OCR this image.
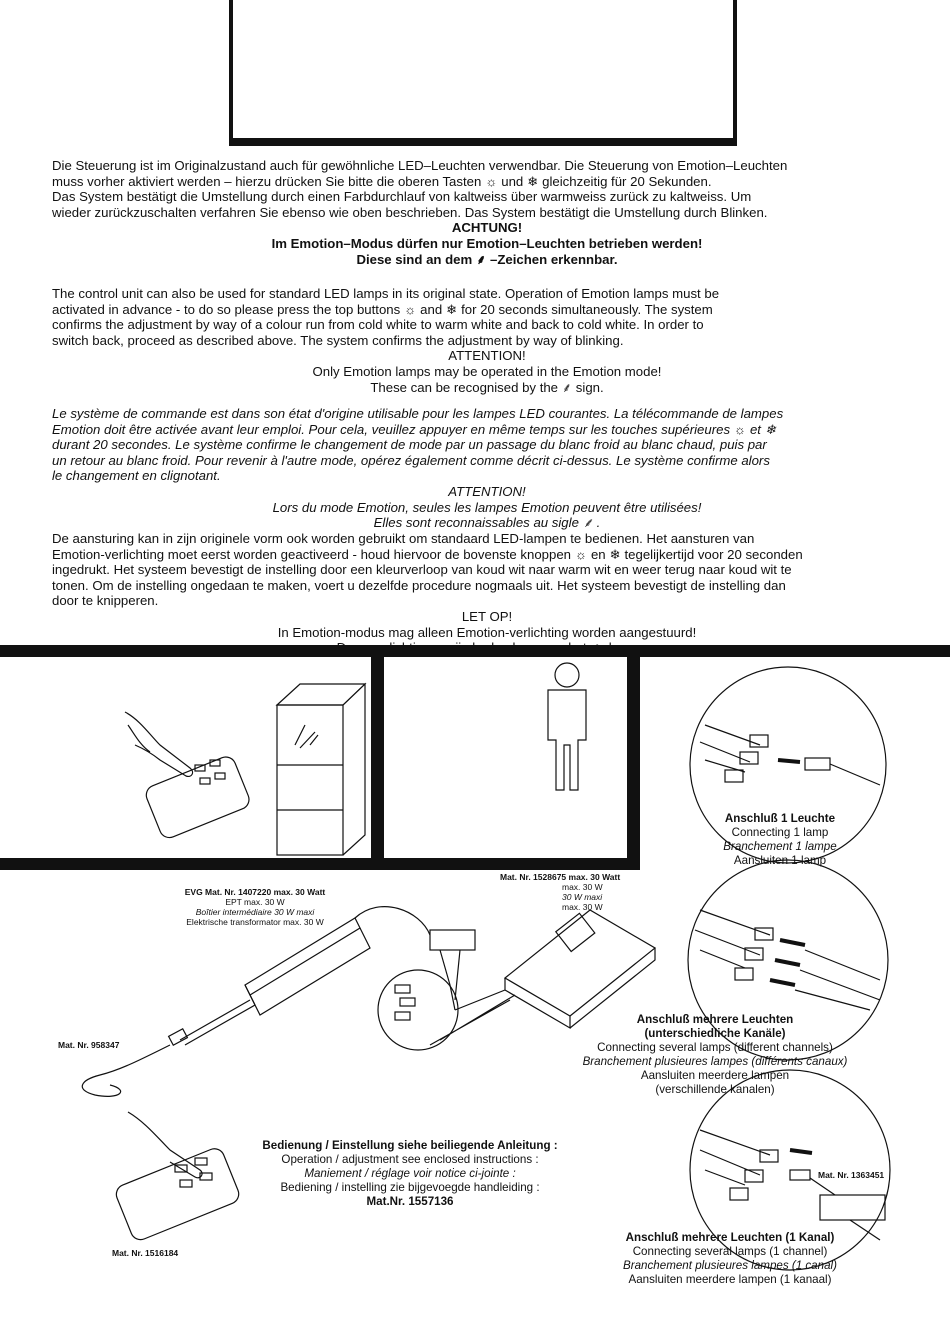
Die Steuerung ist im Originalzustand auch für gewöhnliche LED–Leuchten verwendbar. Die Steuerung von Emotion–Leuchten

muss vorher aktiviert werden – hierzu drücken Sie bitte die oberen Tasten ☼ und ❄ gleichzeitig für 20 Sekunden.

Das System bestätigt die Umstellung durch einen Farbdurchlauf von kaltweiss über warmweiss zurück zu kaltweiss. Um

wieder zurückzuschalten verfahren Sie ebenso wie oben beschrieben. Das System bestätigt die Umstellung durch Blinken.

ACHTUNG!

Im Emotion–Modus dürfen nur Emotion–Leuchten betrieben werden!

Diese sind an dem ⸙ –Zeichen erkennbar.

The control unit can also be used for standard LED lamps in its original state. Operation of Emotion lamps must be

activated in advance - to do so please press the top buttons ☼ and ❄ for 20 seconds simultaneously. The system

confirms the adjustment by way of a colour run from cold white to warm white and back to cold white. In order to

switch back, proceed as described above. The system confirms the adjustment by way of blinking.

ATTENTION!

Only Emotion lamps may be operated in the Emotion mode!

These can be recognised by the ⸙ sign.

Le système de commande est dans son état d'origine utilisable pour les lampes LED courantes. La télécommande de lampes

Emotion doit être activée avant leur emploi. Pour cela, veuillez appuyer en même temps sur les touches supérieures ☼ et ❄

durant 20 secondes. Le système confirme le changement de mode par un passage du blanc froid au blanc chaud, puis par

un retour au blanc froid. Pour revenir à l'autre mode, opérez également comme décrit ci-dessus. Le système confirme alors

le changement en clignotant.

ATTENTION!

Lors du mode Emotion, seules les lampes Emotion peuvent être utilisées!

Elles sont reconnaissables au sigle ⸙ .

De aansturing kan in zijn originele vorm ook worden gebruikt om standaard LED-lampen te bedienen. Het aansturen van

Emotion-verlichting moet eerst worden geactiveerd - houd hiervoor de bovenste knoppen ☼ en ❄ tegelijkertijd voor 20 seconden

ingedrukt. Het systeem bevestigt de instelling door een kleurverloop van koud wit naar warm wit en weer terug naar koud wit te

tonen. Om de instelling ongedaan te maken, voert u dezelfde procedure nogmaals uit. Het systeem bevestigt de instelling dan

door te knipperen.

LET OP!

In Emotion-modus mag alleen Emotion-verlichting worden aangestuurd!

Anschluß 1 Leuchte

Connecting 1 lamp

Branchement 1 lampe

Aansluiten 1 lamp

Anschluß mehrere Leuchten

(unterschiedliche Kanäle)

Connecting several lamps (different channels)

Branchement plusieures lampes (différents canaux)

Aansluiten meerdere lampen

(verschillende kanalen)

Anschluß mehrere Leuchten (1 Kanal)

Connecting several lamps (1 channel)

Branchement plusieures lampes (1 canal)

Aansluiten meerdere lampen (1 kanaal)

Bedienung / Einstellung siehe beiliegende Anleitung :

Operation / adjustment see enclosed instructions :

Maniement / réglage voir notice ci-jointe :

Bediening / instelling zie bijgevoegde handleiding :

Mat.Nr. 1557136

EVG Mat. Nr. 1407220 max. 30 Watt

EPT max. 30 W

Boîtier intermédiaire 30 W maxi

Elektrische transformator max. 30 W

Mat. Nr. 1528675 max. 30 Watt

max. 30 W

30 W maxi

max. 30 W

Mat. Nr. 958347
Mat. Nr. 1363451
Mat. Nr. 1516184
